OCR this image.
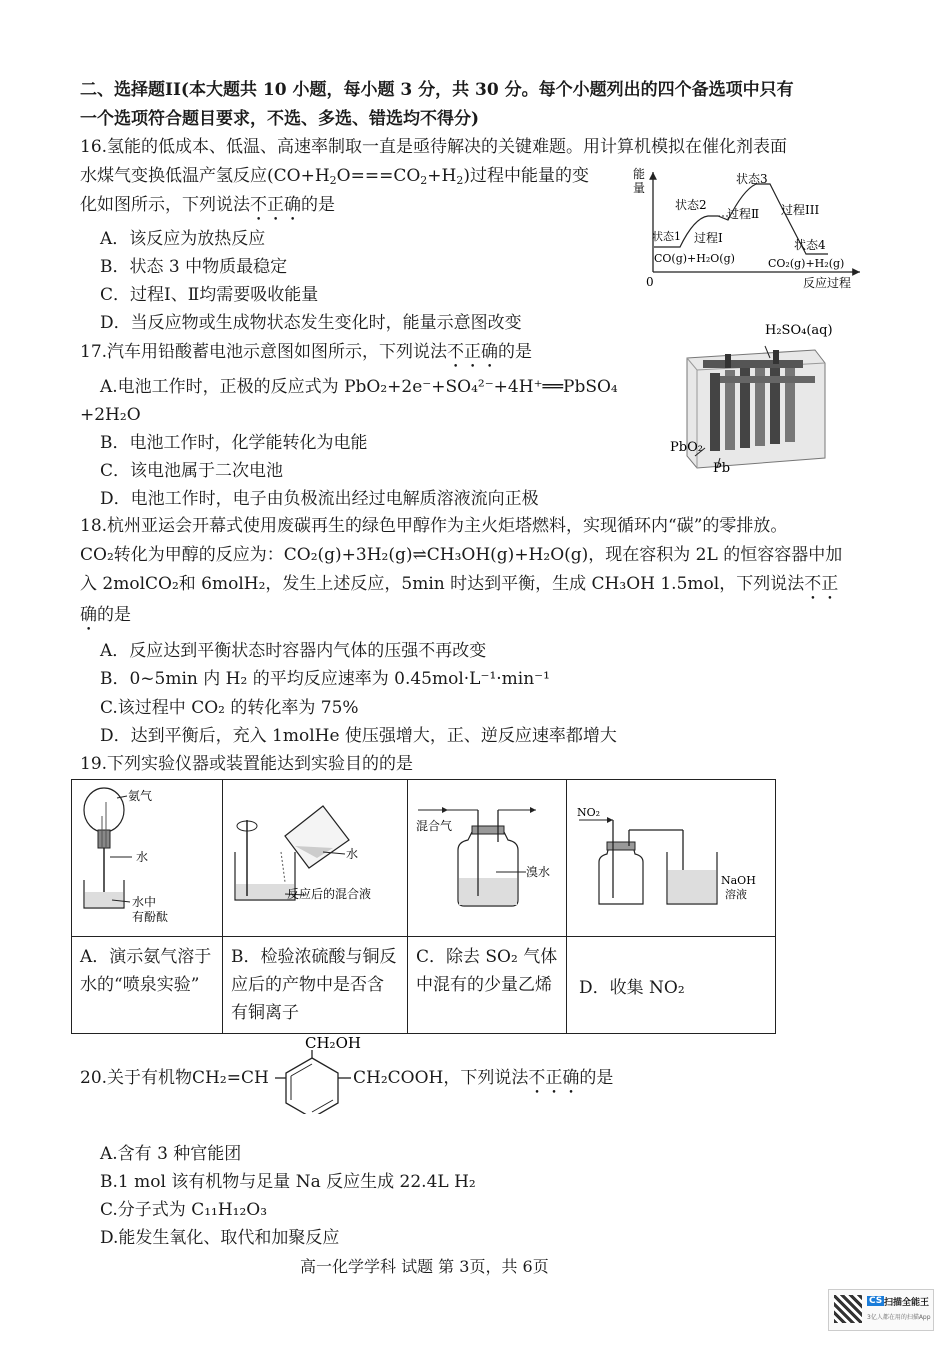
二、选择题II(本大题共 10 小题，每小题 3 分，共 30 分。每个小题列出的四个备选项中只有
一个选项符合题目要求，不选、多选、错选均不得分)
16.氢能的低成本、低温、高速率制取一直是亟待解决的关键难题。用计算机模拟在催化剂表面
水煤气变换低温产氢反应$(CO+H_2O===CO_2+H_2)$过程中能量的变
化如图所示，下列说法不正确的是
A．该反应为放热反应
B．状态 3 中物质最稳定
C．过程Ⅰ、Ⅱ均需要吸收能量
D．当反应物或生成物状态发生变化时，能量示意图改变
能
量
0	反应过程
状态1
状态2
状态3
状态4
过程Ⅰ
过程Ⅱ 过程III
CO(g)+H₂O(g)	CO₂(g)+H₂(g)
17.汽车用铅酸蓄电池示意图如图所示，下列说法不正确的是
A.电池工作时，正极的反应式为 PbO₂+2e⁻+SO₄²⁻+4H⁺══PbSO₄
+2H₂O
B．电池工作时，化学能转化为电能
C．该电池属于二次电池
D．电池工作时，电子由负极流出经过电解质溶液流向正极
H₂SO₄(aq)
PbO₂
Pb
18.杭州亚运会开幕式使用废碳再生的绿色甲醇作为主火炬塔燃料，实现循环内“碳”的零排放。
CO₂转化为甲醇的反应为：CO₂(g)+3H₂(g)⇌CH₃OH(g)+H₂O(g)，现在容积为 2L 的恒容容器中加
入 2molCO₂和 6molH₂，发生上述反应，5min 时达到平衡，生成 CH₃OH 1.5mol，下列说法不正
确的是
A．反应达到平衡状态时容器内气体的压强不再改变
B．0~5min 内 H₂ 的平均反应速率为 0.45mol·L⁻¹·min⁻¹
C.该过程中 CO₂ 的转化率为 75%
D．达到平衡后，充入 1molHe 使压强增大，正、逆反应速率都增大
19.下列实验仪器或装置能达到实验目的的是
氨气
水
水中
有酚酞	水
反应后的混合液	混合气
溴水	NO₂
NaOH
溶液

A．演示氨气溶于水的“喷泉实验”	B．检验浓硫酸与铜反应后的产物中是否含有铜离子	C．除去 SO₂ 气体中混有的少量乙烯	D．收集 NO₂
CH₂OH
20.关于有机物CH₂=CH	CH₂COOH，下列说法不正确的是
A.含有 3 种官能团
B.1 mol 该有机物与足量 Na 反应生成 22.4L H₂
C.分子式为 C₁₁H₁₂O₃
D.能发生氧化、取代和加聚反应
高一化学学科 试题 第 3页，共 6页
CS 扫描全能王
3亿人都在用的扫描App
